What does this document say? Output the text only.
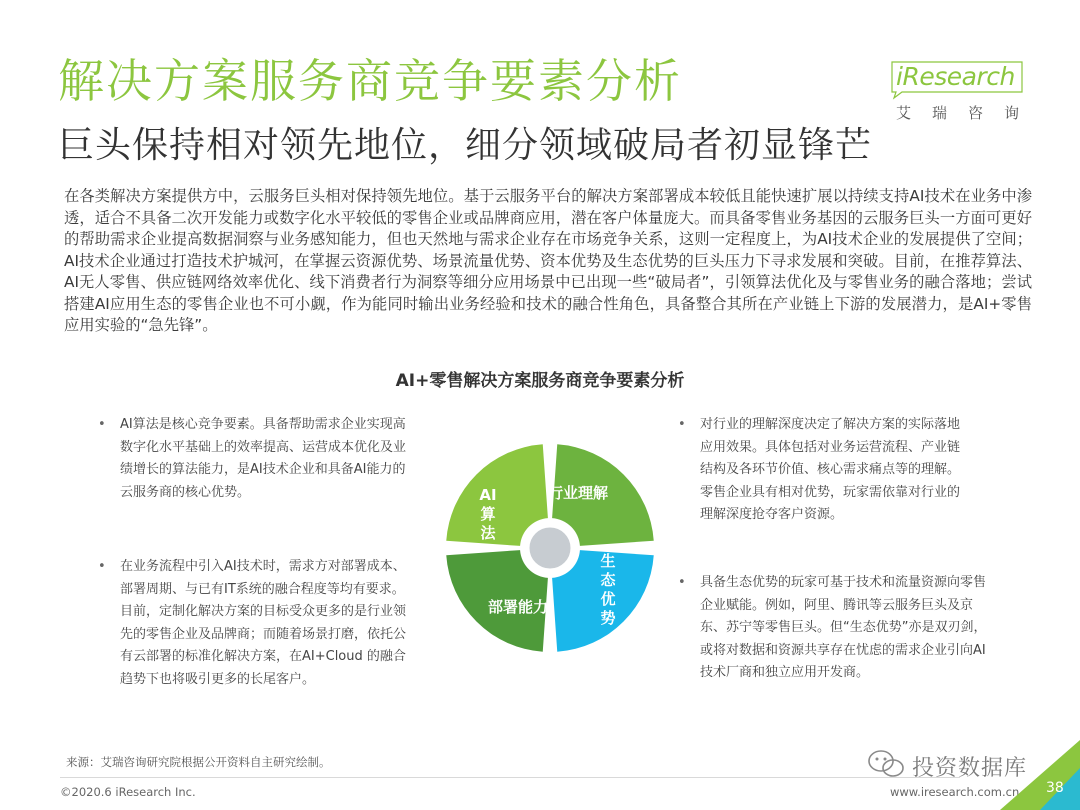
解决方案服务商竞争要素分析
巨头保持相对领先地位，细分领域破局者初显锋芒
iResearch
艾瑞咨询
在各类解决方案提供方中，云服务巨头相对保持领先地位。基于云服务平台的解决方案部署成本较低且能快速扩展以持续支持AI技术在业务中渗透，适合不具备二次开发能力或数字化水平较低的零售企业或品牌商应用，潜在客户体量庞大。而具备零售业务基因的云服务巨头一方面可更好的帮助需求企业提高数据洞察与业务感知能力，但也天然地与需求企业存在市场竞争关系，这则一定程度上，为AI技术企业的发展提供了空间；AI技术企业通过打造技术护城河，在掌握云资源优势、场景流量优势、资本优势及生态优势的巨头压力下寻求发展和突破。目前，在推荐算法、AI无人零售、供应链网络效率优化、线下消费者行为洞察等细分应用场景中已出现一些“破局者”，引领算法优化及与零售业务的融合落地；尝试搭建AI应用生态的零售企业也不可小觑，作为能同时输出业务经验和技术的融合性角色，具备整合其所在产业链上下游的发展潜力，是AI+零售应用实验的“急先锋”。
AI+零售解决方案服务商竞争要素分析
• AI算法是核心竞争要素。具备帮助需求企业实现高数字化水平基础上的效率提高、运营成本优化及业绩增长的算法能力，是AI技术企业和具备AI能力的云服务商的核心优势。
• 在业务流程中引入AI技术时，需求方对部署成本、部署周期、与已有IT系统的融合程度等均有要求。目前，定制化解决方案的目标受众更多的是行业领先的零售企业及品牌商；而随着场景打磨，依托公有云部署的标准化解决方案，在AI+Cloud 的融合趋势下也将吸引更多的长尾客户。
• 对行业的理解深度决定了解决方案的实际落地应用效果。具体包括对业务运营流程、产业链结构及各环节价值、核心需求痛点等的理解。零售企业具有相对优势，玩家需依靠对行业的理解深度抢夺客户资源。
• 具备生态优势的玩家可基于技术和流量资源向零售企业赋能。例如，阿里、腾讯等云服务巨头及京东、苏宁等零售巨头。但“生态优势”亦是双刃剑，或将对数据和资源共享存在忧虑的需求企业引向AI技术厂商和独立应用开发商。
AI 算法
行业理解
生态优势
部署能力
来源：艾瑞咨询研究院根据公开资料自主研究绘制。
©2020.6 iResearch Inc.	www.iresearch.com.cn 38
投资数据库
